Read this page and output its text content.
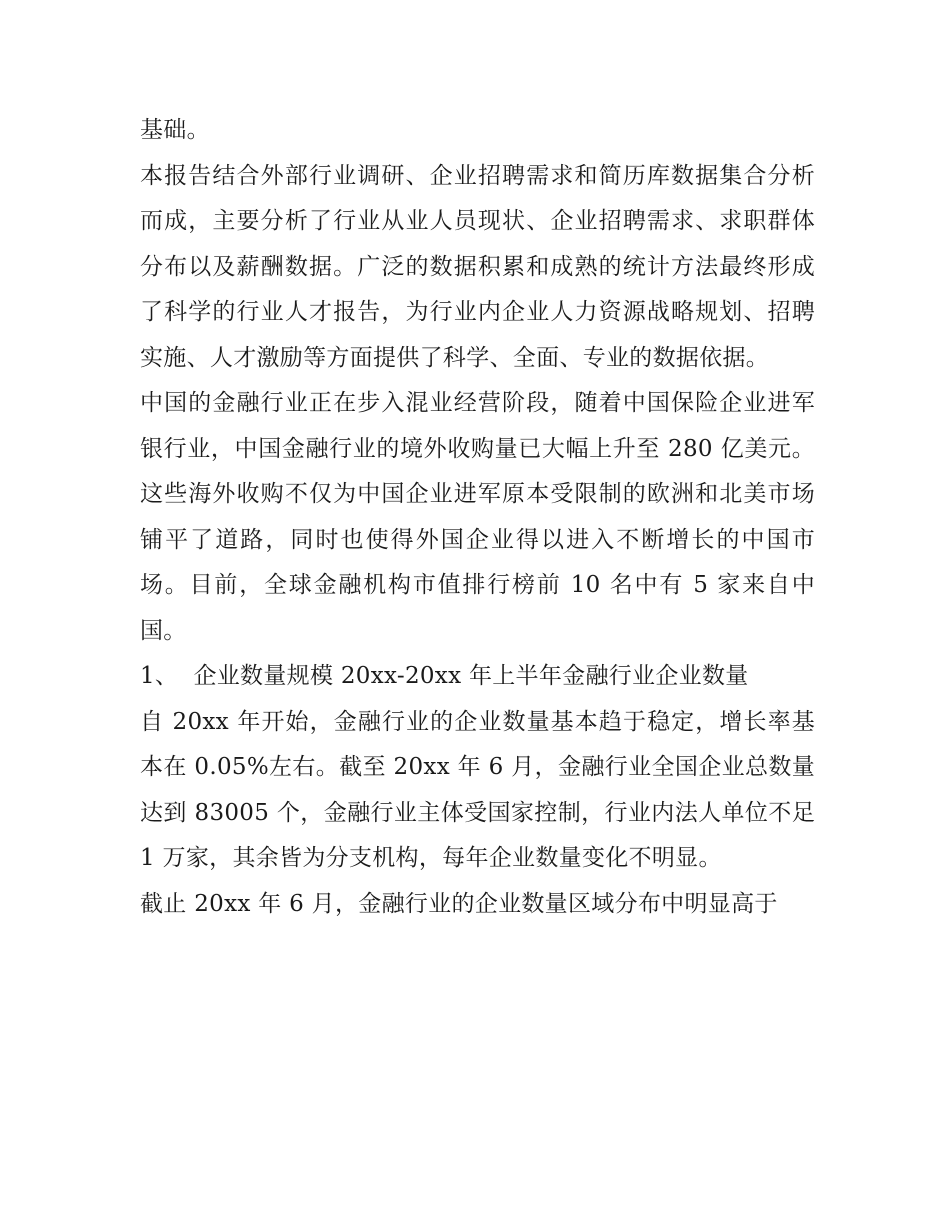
基础。

本报告结合外部行业调研、企业招聘需求和简历库数据集合分析而成，主要分析了行业从业人员现状、企业招聘需求、求职群体分布以及薪酬数据。广泛的数据积累和成熟的统计方法最终形成了科学的行业人才报告，为行业内企业人力资源战略规划、招聘实施、人才激励等方面提供了科学、全面、专业的数据依据。

中国的金融行业正在步入混业经营阶段，随着中国保险企业进军银行业，中国金融行业的境外收购量已大幅上升至 280 亿美元。这些海外收购不仅为中国企业进军原本受限制的欧洲和北美市场铺平了道路，同时也使得外国企业得以进入不断增长的中国市场。目前，全球金融机构市值排行榜前 10 名中有 5 家来自中国。

1、  企业数量规模 20xx-20xx 年上半年金融行业企业数量

自 20xx 年开始，金融行业的企业数量基本趋于稳定，增长率基本在 0.05%左右。截至 20xx 年 6 月，金融行业全国企业总数量达到 83005 个，金融行业主体受国家控制，行业内法人单位不足 1 万家，其余皆为分支机构，每年企业数量变化不明显。

截止 20xx 年 6 月，金融行业的企业数量区域分布中明显高于
